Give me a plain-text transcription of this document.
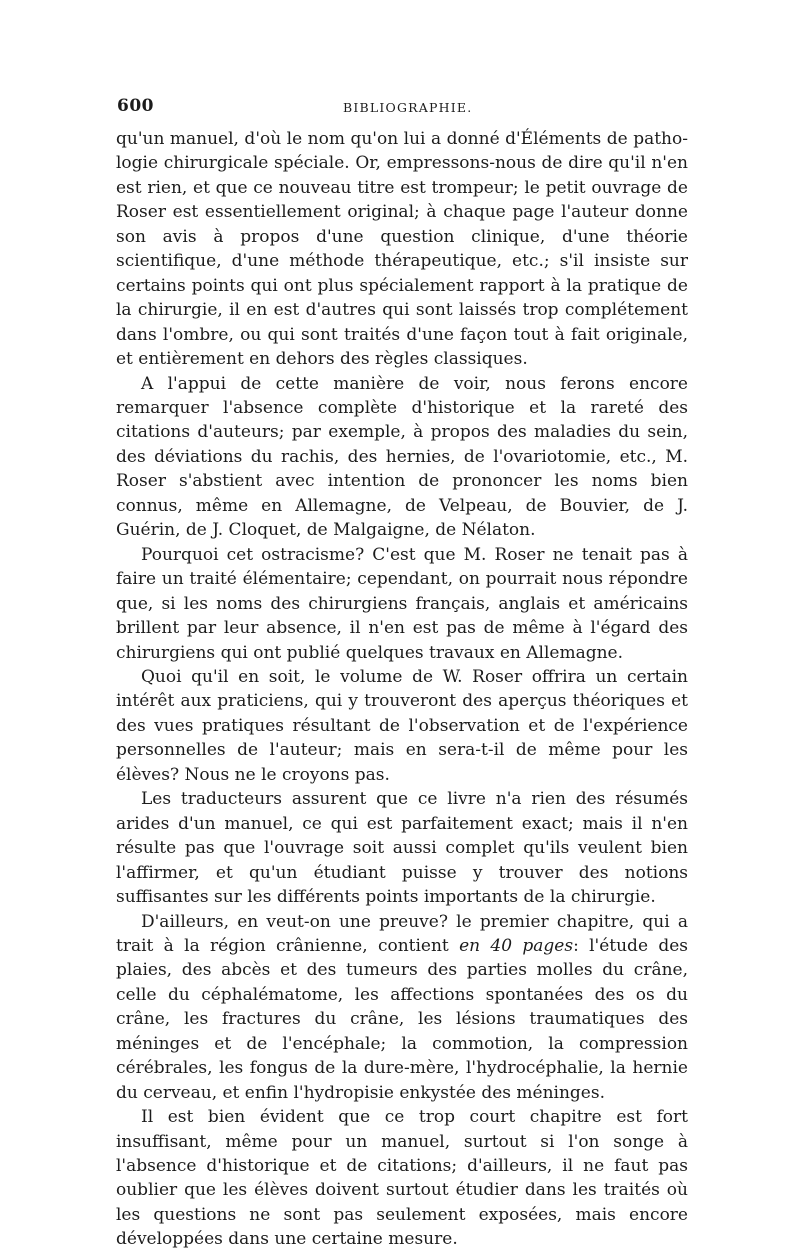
600	BIBLIOGRAPHIE.

qu'un manuel, d'où le nom qu'on lui a donné d'Éléments de pathologie chirurgicale spéciale. Or, empressons-nous de dire qu'il n'en est rien, et que ce nouveau titre est trompeur; le petit ouvrage de Roser est essentiellement original; à chaque page l'auteur donne son avis à propos d'une question clinique, d'une théorie scientifique, d'une méthode thérapeutique, etc.; s'il insiste sur certains points qui ont plus spécialement rapport à la pratique de la chirurgie, il en est d'autres qui sont laissés trop complétement dans l'ombre, ou qui sont traités d'une façon tout à fait originale, et entièrement en dehors des règles classiques.

A l'appui de cette manière de voir, nous ferons encore remarquer l'absence complète d'historique et la rareté des citations d'auteurs; par exemple, à propos des maladies du sein, des déviations du rachis, des hernies, de l'ovariotomie, etc., M. Roser s'abstient avec intention de prononcer les noms bien connus, même en Allemagne, de Velpeau, de Bouvier, de J. Guérin, de J. Cloquet, de Malgaigne, de Nélaton.

Pourquoi cet ostracisme? C'est que M. Roser ne tenait pas à faire un traité élémentaire; cependant, on pourrait nous répondre que, si les noms des chirurgiens français, anglais et américains brillent par leur absence, il n'en est pas de même à l'égard des chirurgiens qui ont publié quelques travaux en Allemagne.

Quoi qu'il en soit, le volume de W. Roser offrira un certain intérêt aux praticiens, qui y trouveront des aperçus théoriques et des vues pratiques résultant de l'observation et de l'expérience personnelles de l'auteur; mais en sera-t-il de même pour les élèves? Nous ne le croyons pas.

Les traducteurs assurent que ce livre n'a rien des résumés arides d'un manuel, ce qui est parfaitement exact; mais il n'en résulte pas que l'ouvrage soit aussi complet qu'ils veulent bien l'affirmer, et qu'un étudiant puisse y trouver des notions suffisantes sur les différents points importants de la chirurgie.

D'ailleurs, en veut-on une preuve? le premier chapitre, qui a trait à la région crânienne, contient en 40 pages: l'étude des plaies, des abcès et des tumeurs des parties molles du crâne, celle du céphalématome, les affections spontanées des os du crâne, les fractures du crâne, les lésions traumatiques des méninges et de l'encéphale; la commotion, la compression cérébrales, les fongus de la dure-mère, l'hydrocéphalie, la hernie du cerveau, et enfin l'hydropisie enkystée des méninges.

Il est bien évident que ce trop court chapitre est fort insuffisant, même pour un manuel, surtout si l'on songe à l'absence d'historique et de citations; d'ailleurs, il ne faut pas oublier que les élèves doivent surtout étudier dans les traités où les questions ne sont pas seulement exposées, mais encore développées dans une certaine mesure.
